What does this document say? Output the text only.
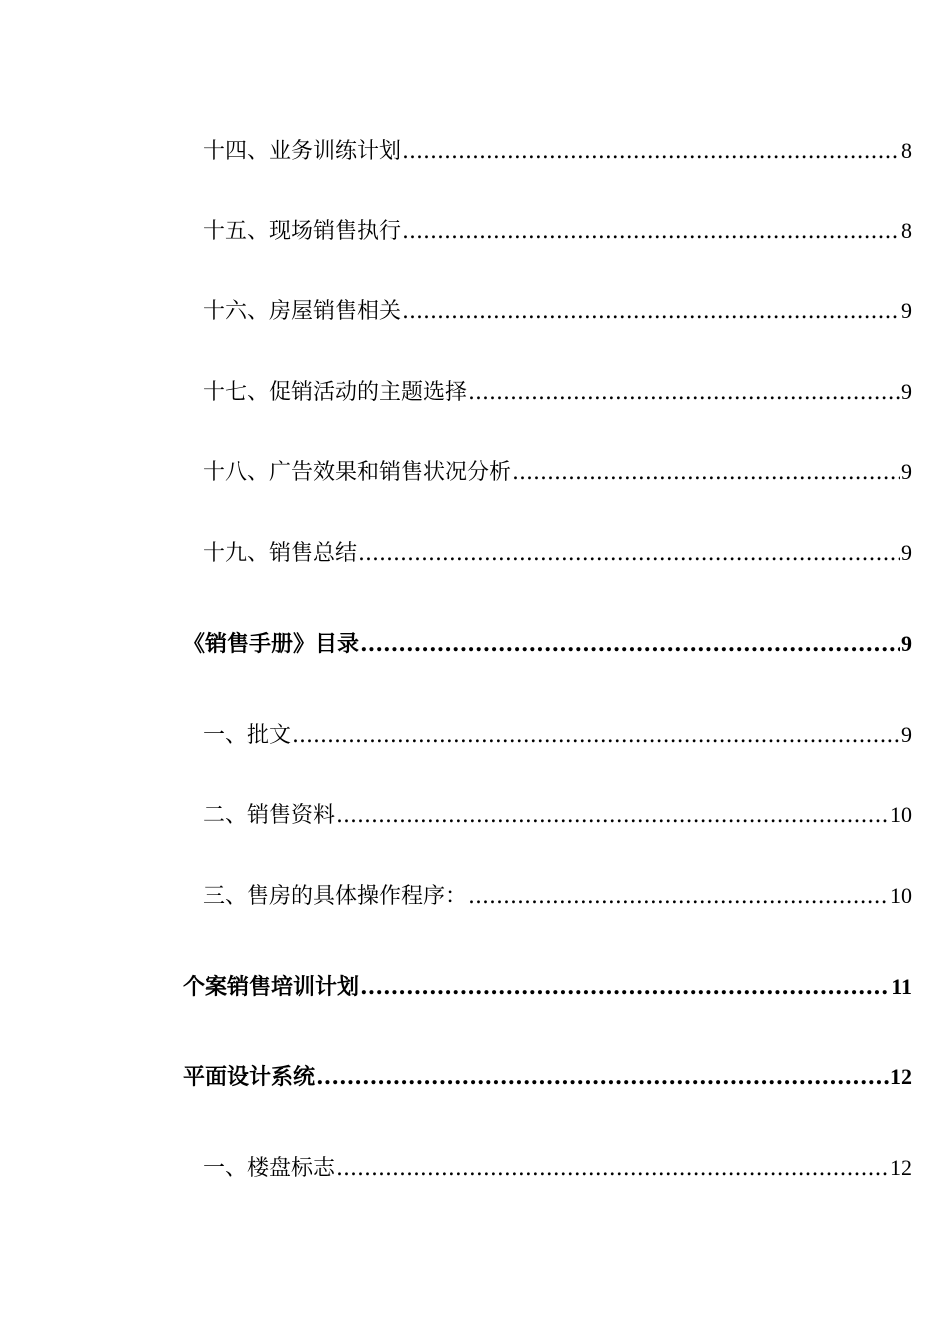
十四、业务训练计划 .....	8
十五、现场销售执行 .....	8
十六、房屋销售相关 .....	9
十七、促销活动的主题选择 .....	9
十八、广告效果和销售状况分析 .....	9
十九、销售总结 .....	9
《销售手册》目录 .....	9
一、批文 .....	9
二、销售资料 .....	10
三、售房的具体操作程序： .....	10
个案销售培训计划 .....	11
平面设计系统 .....	12
一、楼盘标志 .....	12
